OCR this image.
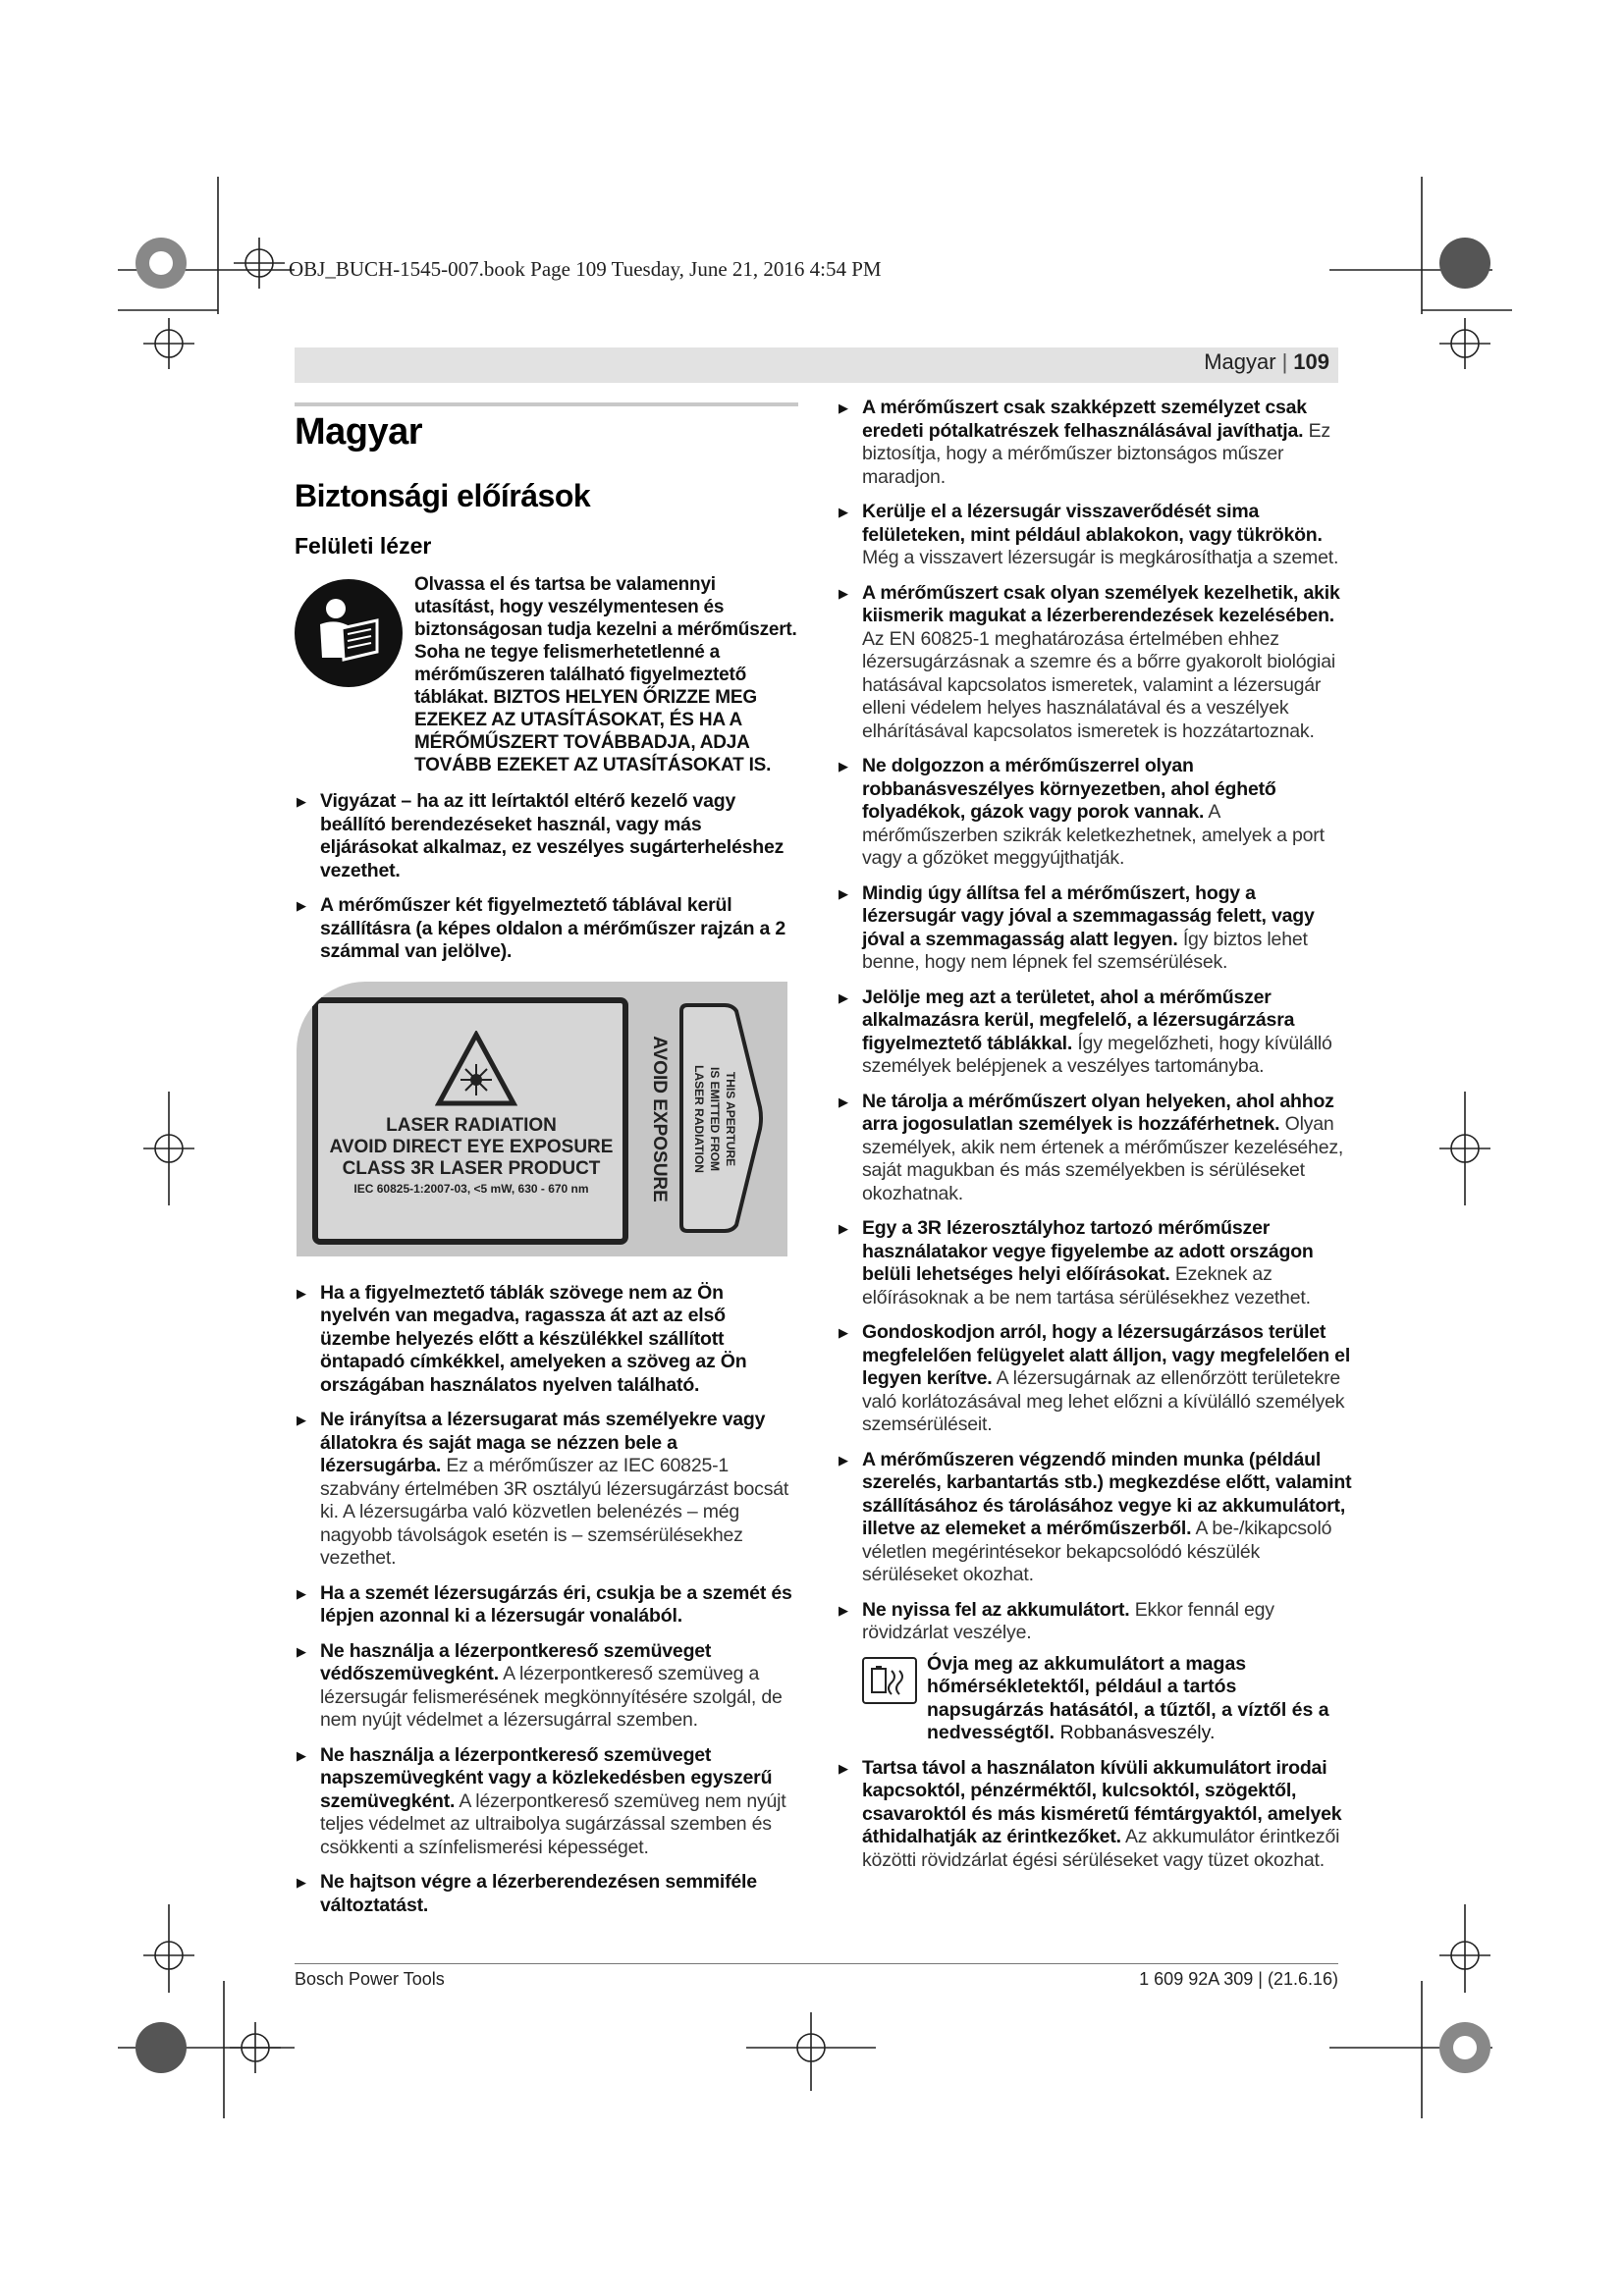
OBJ_BUCH-1545-007.book Page 109 Tuesday, June 21, 2016 4:54 PM
Magyar | 109
Magyar
Biztonsági előírások
Felületi lézer
Olvassa el és tartsa be valamennyi utasítást, hogy veszélymentesen és biztonságosan tudja kezelni a mérőműszert. Soha ne tegye felismerhetetlenné a mérőműszeren található figyelmeztető táblákat. BIZTOS HELYEN ŐRIZZE MEG EZEKEZ AZ UTASÍTÁSOKAT, ÉS HA A MÉRŐMŰSZERT TOVÁBBADJA, ADJA TOVÁBB EZEKET AZ UTASÍTÁSOKAT IS.
▶ Vigyázat – ha az itt leírtaktól eltérő kezelő vagy beállító berendezéseket használ, vagy más eljárásokat alkalmaz, ez veszélyes sugárterheléshez vezethet.
▶ A mérőműszer két figyelmeztető táblával kerül szállításra (a képes oldalon a mérőműszer rajzán a 2 számmal van jelölve).
LASER RADIATION
AVOID DIRECT EYE EXPOSURE
CLASS 3R LASER PRODUCT
IEC 60825-1:2007-03, <5 mW, 630 - 670 nm	AVOID EXPOSURE LASER RADIATION IS EMITTED FROM THIS APERTURE
▶ Ha a figyelmeztető táblák szövege nem az Ön nyelvén van megadva, ragassza át azt az első üzembe helyezés előtt a készülékkel szállított öntapadó címkékkel, amelyeken a szöveg az Ön országában használatos nyelven található.
▶ Ne irányítsa a lézersugarat más személyekre vagy állatokra és saját maga se nézzen bele a lézersugárba. Ez a mérőműszer az IEC 60825-1 szabvány értelmében 3R osztályú lézersugárzást bocsát ki. A lézersugárba való közvetlen belenézés – még nagyobb távolságok esetén is – szemsérülésekhez vezethet.
▶ Ha a szemét lézersugárzás éri, csukja be a szemét és lépjen azonnal ki a lézersugár vonalából.
▶ Ne használja a lézerpontkereső szemüveget védőszemüvegként. A lézerpontkereső szemüveg a lézersugár felismerésének megkönnyítésére szolgál, de nem nyújt védelmet a lézersugárral szemben.
▶ Ne használja a lézerpontkereső szemüveget napszemüvegként vagy a közlekedésben egyszerű szemüvegként. A lézerpontkereső szemüveg nem nyújt teljes védelmet az ultraibolya sugárzással szemben és csökkenti a színfelismerési képességet.
▶ Ne hajtson végre a lézerberendezésen semmiféle változtatást.
▶ A mérőműszert csak szakképzett személyzet csak eredeti pótalkatrészek felhasználásával javíthatja. Ez biztosítja, hogy a mérőműszer biztonságos műszer maradjon.
▶ Kerülje el a lézersugár visszaverődését sima felületeken, mint például ablakokon, vagy tükrökön. Még a visszavert lézersugár is megkárosíthatja a szemet.
▶ A mérőműszert csak olyan személyek kezelhetik, akik kiismerik magukat a lézerberendezések kezelésében. Az EN 60825-1 meghatározása értelmében ehhez lézersugárzásnak a szemre és a bőrre gyakorolt biológiai hatásával kapcsolatos ismeretek, valamint a lézersugár elleni védelem helyes használatával és a veszélyek elhárításával kapcsolatos ismeretek is hozzátartoznak.
▶ Ne dolgozzon a mérőműszerrel olyan robbanásveszélyes környezetben, ahol éghető folyadékok, gázok vagy porok vannak. A mérőműszerben szikrák keletkezhetnek, amelyek a port vagy a gőzöket meggyújthatják.
▶ Mindig úgy állítsa fel a mérőműszert, hogy a lézersugár vagy jóval a szemmagasság felett, vagy jóval a szemmagasság alatt legyen. Így biztos lehet benne, hogy nem lépnek fel szemsérülések.
▶ Jelölje meg azt a területet, ahol a mérőműszer alkalmazásra kerül, megfelelő, a lézersugárzásra figyelmeztető táblákkal. Így megelőzheti, hogy kívülálló személyek belépjenek a veszélyes tartományba.
▶ Ne tárolja a mérőműszert olyan helyeken, ahol ahhoz arra jogosulatlan személyek is hozzáférhetnek. Olyan személyek, akik nem értenek a mérőműszer kezeléséhez, saját magukban és más személyekben is sérüléseket okozhatnak.
▶ Egy a 3R lézerosztályhoz tartozó mérőműszer használatakor vegye figyelembe az adott országon belüli lehetséges helyi előírásokat. Ezeknek az előírásoknak a be nem tartása sérülésekhez vezethet.
▶ Gondoskodjon arról, hogy a lézersugárzásos terület megfelelően felügyelet alatt álljon, vagy megfelelően el legyen kerítve. A lézersugárnak az ellenőrzött területekre való korlátozásával meg lehet előzni a kívülálló személyek szemsérüléseit.
▶ A mérőműszeren végzendő minden munka (például szerelés, karbantartás stb.) megkezdése előtt, valamint szállításához és tárolásához vegye ki az akkumulátort, illetve az elemeket a mérőműszerből. A be-/kikapcsoló véletlen megérintésekor bekapcsolódó készülék sérüléseket okozhat.
▶ Ne nyissa fel az akkumulátort. Ekkor fennál egy rövidzárlat veszélye.
Óvja meg az akkumulátort a magas hőmérsékletektől, például a tartós napsugárzás hatásától, a tűztől, a víztől és a nedvességtől. Robbanásveszély.
▶ Tartsa távol a használaton kívüli akkumulátort irodai kapcsoktól, pénzérméktől, kulcsoktól, szögektől, csavaroktól és más kisméretű fémtárgyaktól, amelyek áthidalhatják az érintkezőket. Az akkumulátor érintkezői közötti rövidzárlat égési sérüléseket vagy tüzet okozhat.
Bosch Power Tools	1 609 92A 309 | (21.6.16)
